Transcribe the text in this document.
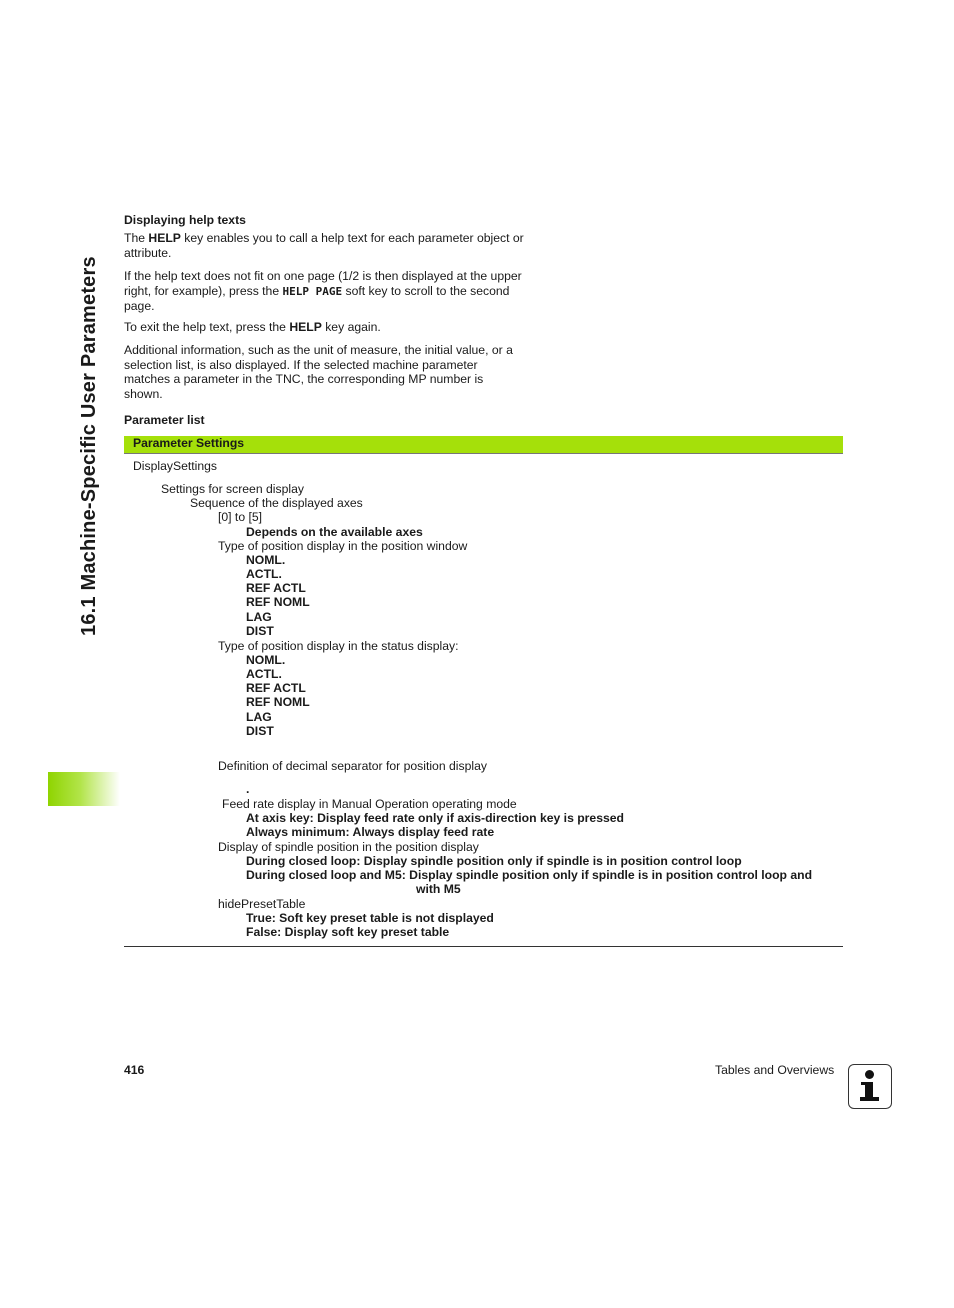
16.1 Machine-Specific User Parameters
Displaying help texts

The HELP key enables you to call a help text for each parameter object or attribute.

If the help text does not fit on one page (1/2 is then displayed at the upper right, for example), press the HELP PAGE soft key to scroll to the second page.

To exit the help text, press the HELP key again.

Additional information, such as the unit of measure, the initial value, or a selection list, is also displayed. If the selected machine parameter matches a parameter in the TNC, the corresponding MP number is shown.

Parameter list
Parameter Settings
DisplaySettings
Settings for screen display
Sequence of the displayed axes
[0] to [5]
Depends on the available axes
Type of position display in the position window
NOML.
ACTL.
REF ACTL
REF NOML
LAG
DIST
Type of position display in the status display:
NOML.
ACTL.
REF ACTL
REF NOML
LAG
DIST
Definition of decimal separator for position display
.
Feed rate display in Manual Operation operating mode
At axis key: Display feed rate only if axis-direction key is pressed
Always minimum: Always display feed rate
Display of spindle position in the position display
During closed loop: Display spindle position only if spindle is in position control loop
During closed loop and M5: Display spindle position only if spindle is in position control loop and
with M5
hidePresetTable
True: Soft key preset table is not displayed
False: Display soft key preset table
416	Tables and Overviews
